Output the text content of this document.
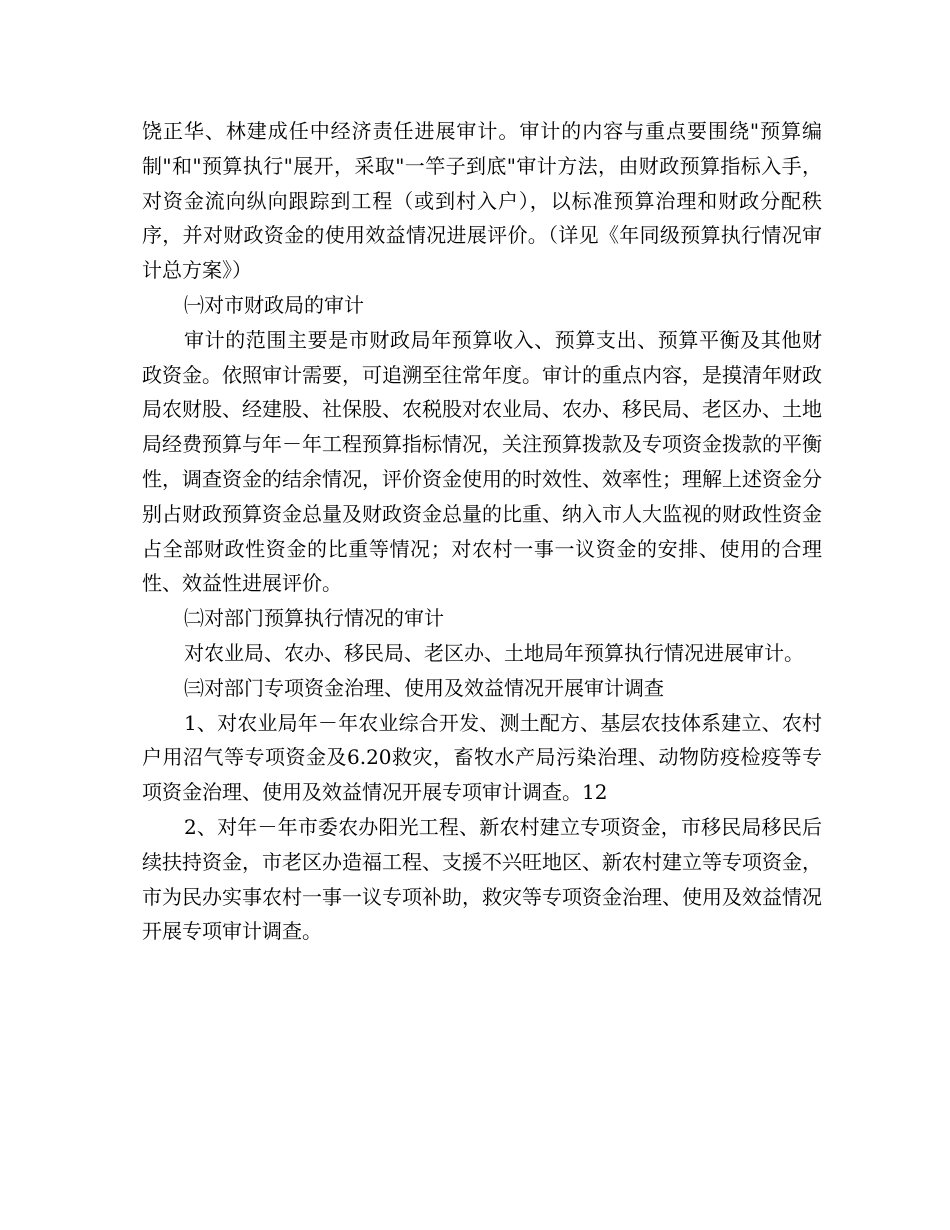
饶正华、林建成任中经济责任进展审计。审计的内容与重点要围绕"预算编制"和"预算执行"展开，采取"一竿子到底"审计方法，由财政预算指标入手，对资金流向纵向跟踪到工程（或到村入户），以标准预算治理和财政分配秩序，并对财政资金的使用效益情况进展评价。（详见《年同级预算执行情况审计总方案》）

㈠对市财政局的审计

审计的范围主要是市财政局年预算收入、预算支出、预算平衡及其他财政资金。依照审计需要，可追溯至往常年度。审计的重点内容，是摸清年财政局农财股、经建股、社保股、农税股对农业局、农办、移民局、老区办、土地局经费预算与年－年工程预算指标情况，关注预算拨款及专项资金拨款的平衡性，调查资金的结余情况，评价资金使用的时效性、效率性；理解上述资金分别占财政预算资金总量及财政资金总量的比重、纳入市人大监视的财政性资金占全部财政性资金的比重等情况；对农村一事一议资金的安排、使用的合理性、效益性进展评价。

㈡对部门预算执行情况的审计

对农业局、农办、移民局、老区办、土地局年预算执行情况进展审计。

㈢对部门专项资金治理、使用及效益情况开展审计调查

1、对农业局年－年农业综合开发、测土配方、基层农技体系建立、农村户用沼气等专项资金及6.20救灾，畜牧水产局污染治理、动物防疫检疫等专项资金治理、使用及效益情况开展专项审计调查。12

2、对年－年市委农办阳光工程、新农村建立专项资金，市移民局移民后续扶持资金，市老区办造福工程、支援不兴旺地区、新农村建立等专项资金，市为民办实事农村一事一议专项补助，救灾等专项资金治理、使用及效益情况开展专项审计调查。
